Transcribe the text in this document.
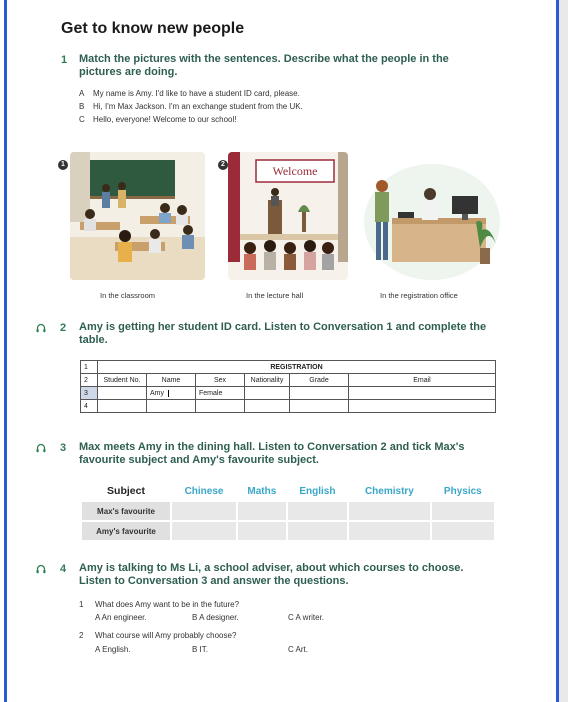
Get to know new people
1 Match the pictures with the sentences. Describe what the people in the pictures are doing.
A My name is Amy. I'd like to have a student ID card, please.
B Hi, I'm Max Jackson. I'm an exchange student from the UK.
C Hello, everyone! Welcome to our school!
1
In the classroom
2	Welcome
In the lecture hall	In the registration office
2 Amy is getting her student ID card. Listen to Conversation 1 and complete the table.
1	REGISTRATION					
2	Student No.	Name	Sex	Nationality	Grade	Email
3		Amy	Female			
4						
3 Max meets Amy in the dining hall. Listen to Conversation 2 and tick Max's favourite subject and Amy's favourite subject.
Subject	Chinese	Maths	English	Chemistry	Physics
Max's favourite					
Amy's favourite					
4 Amy is talking to Ms Li, a school adviser, about which courses to choose. Listen to Conversation 3 and answer the questions.
1 What does Amy want to be in the future?
A An engineer.	B A designer.	C A writer.
2 What course will Amy probably choose?
A English.	B IT.	C Art.
